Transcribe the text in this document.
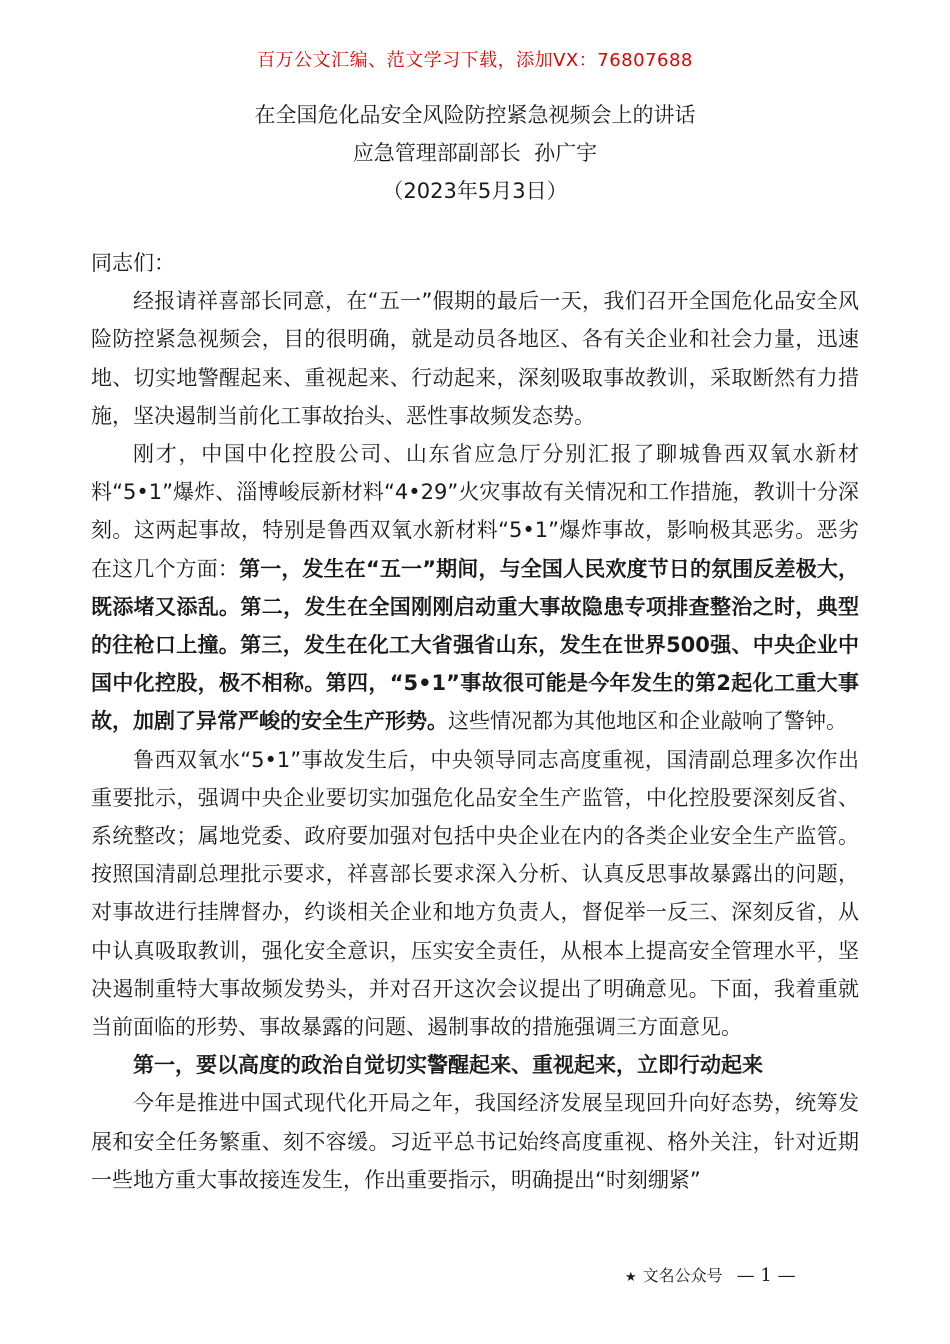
百万公文汇编、范文学习下载，添加VX：76807688
在全国危化品安全风险防控紧急视频会上的讲话
应急管理部副部长  孙广宇
（2023年5月3日）

同志们：

经报请祥喜部长同意，在“五一”假期的最后一天，我们召开全国危化品安全风险防控紧急视频会，目的很明确，就是动员各地区、各有关企业和社会力量，迅速地、切实地警醒起来、重视起来、行动起来，深刻吸取事故教训，采取断然有力措施，坚决遏制当前化工事故抬头、恶性事故频发态势。

刚才，中国中化控股公司、山东省应急厅分别汇报了聊城鲁西双氧水新材料“5•1”爆炸、淄博峻辰新材料“4•29”火灾事故有关情况和工作措施，教训十分深刻。这两起事故，特别是鲁西双氧水新材料“5•1”爆炸事故，影响极其恶劣。恶劣在这几个方面：第一，发生在“五一”期间，与全国人民欢度节日的氛围反差极大，既添堵又添乱。第二，发生在全国刚刚启动重大事故隐患专项排查整治之时，典型的往枪口上撞。第三，发生在化工大省强省山东，发生在世界500强、中央企业中国中化控股，极不相称。第四，“5•1”事故很可能是今年发生的第2起化工重大事故，加剧了异常严峻的安全生产形势。这些情况都为其他地区和企业敲响了警钟。

鲁西双氧水“5•1”事故发生后，中央领导同志高度重视，国清副总理多次作出重要批示，强调中央企业要切实加强危化品安全生产监管，中化控股要深刻反省、系统整改；属地党委、政府要加强对包括中央企业在内的各类企业安全生产监管。按照国清副总理批示要求，祥喜部长要求深入分析、认真反思事故暴露出的问题，对事故进行挂牌督办，约谈相关企业和地方负责人，督促举一反三、深刻反省，从中认真吸取教训，强化安全意识，压实安全责任，从根本上提高安全管理水平，坚决遏制重特大事故频发势头，并对召开这次会议提出了明确意见。下面，我着重就当前面临的形势、事故暴露的问题、遏制事故的措施强调三方面意见。

第一，要以高度的政治自觉切实警醒起来、重视起来，立即行动起来

今年是推进中国式现代化开局之年，我国经济发展呈现回升向好态势，统筹发展和安全任务繁重、刻不容缓。习近平总书记始终高度重视、格外关注，针对近期一些地方重大事故接连发生，作出重要指示，明确提出“时刻绷紧”

★ 文名公众号 — 1 —
